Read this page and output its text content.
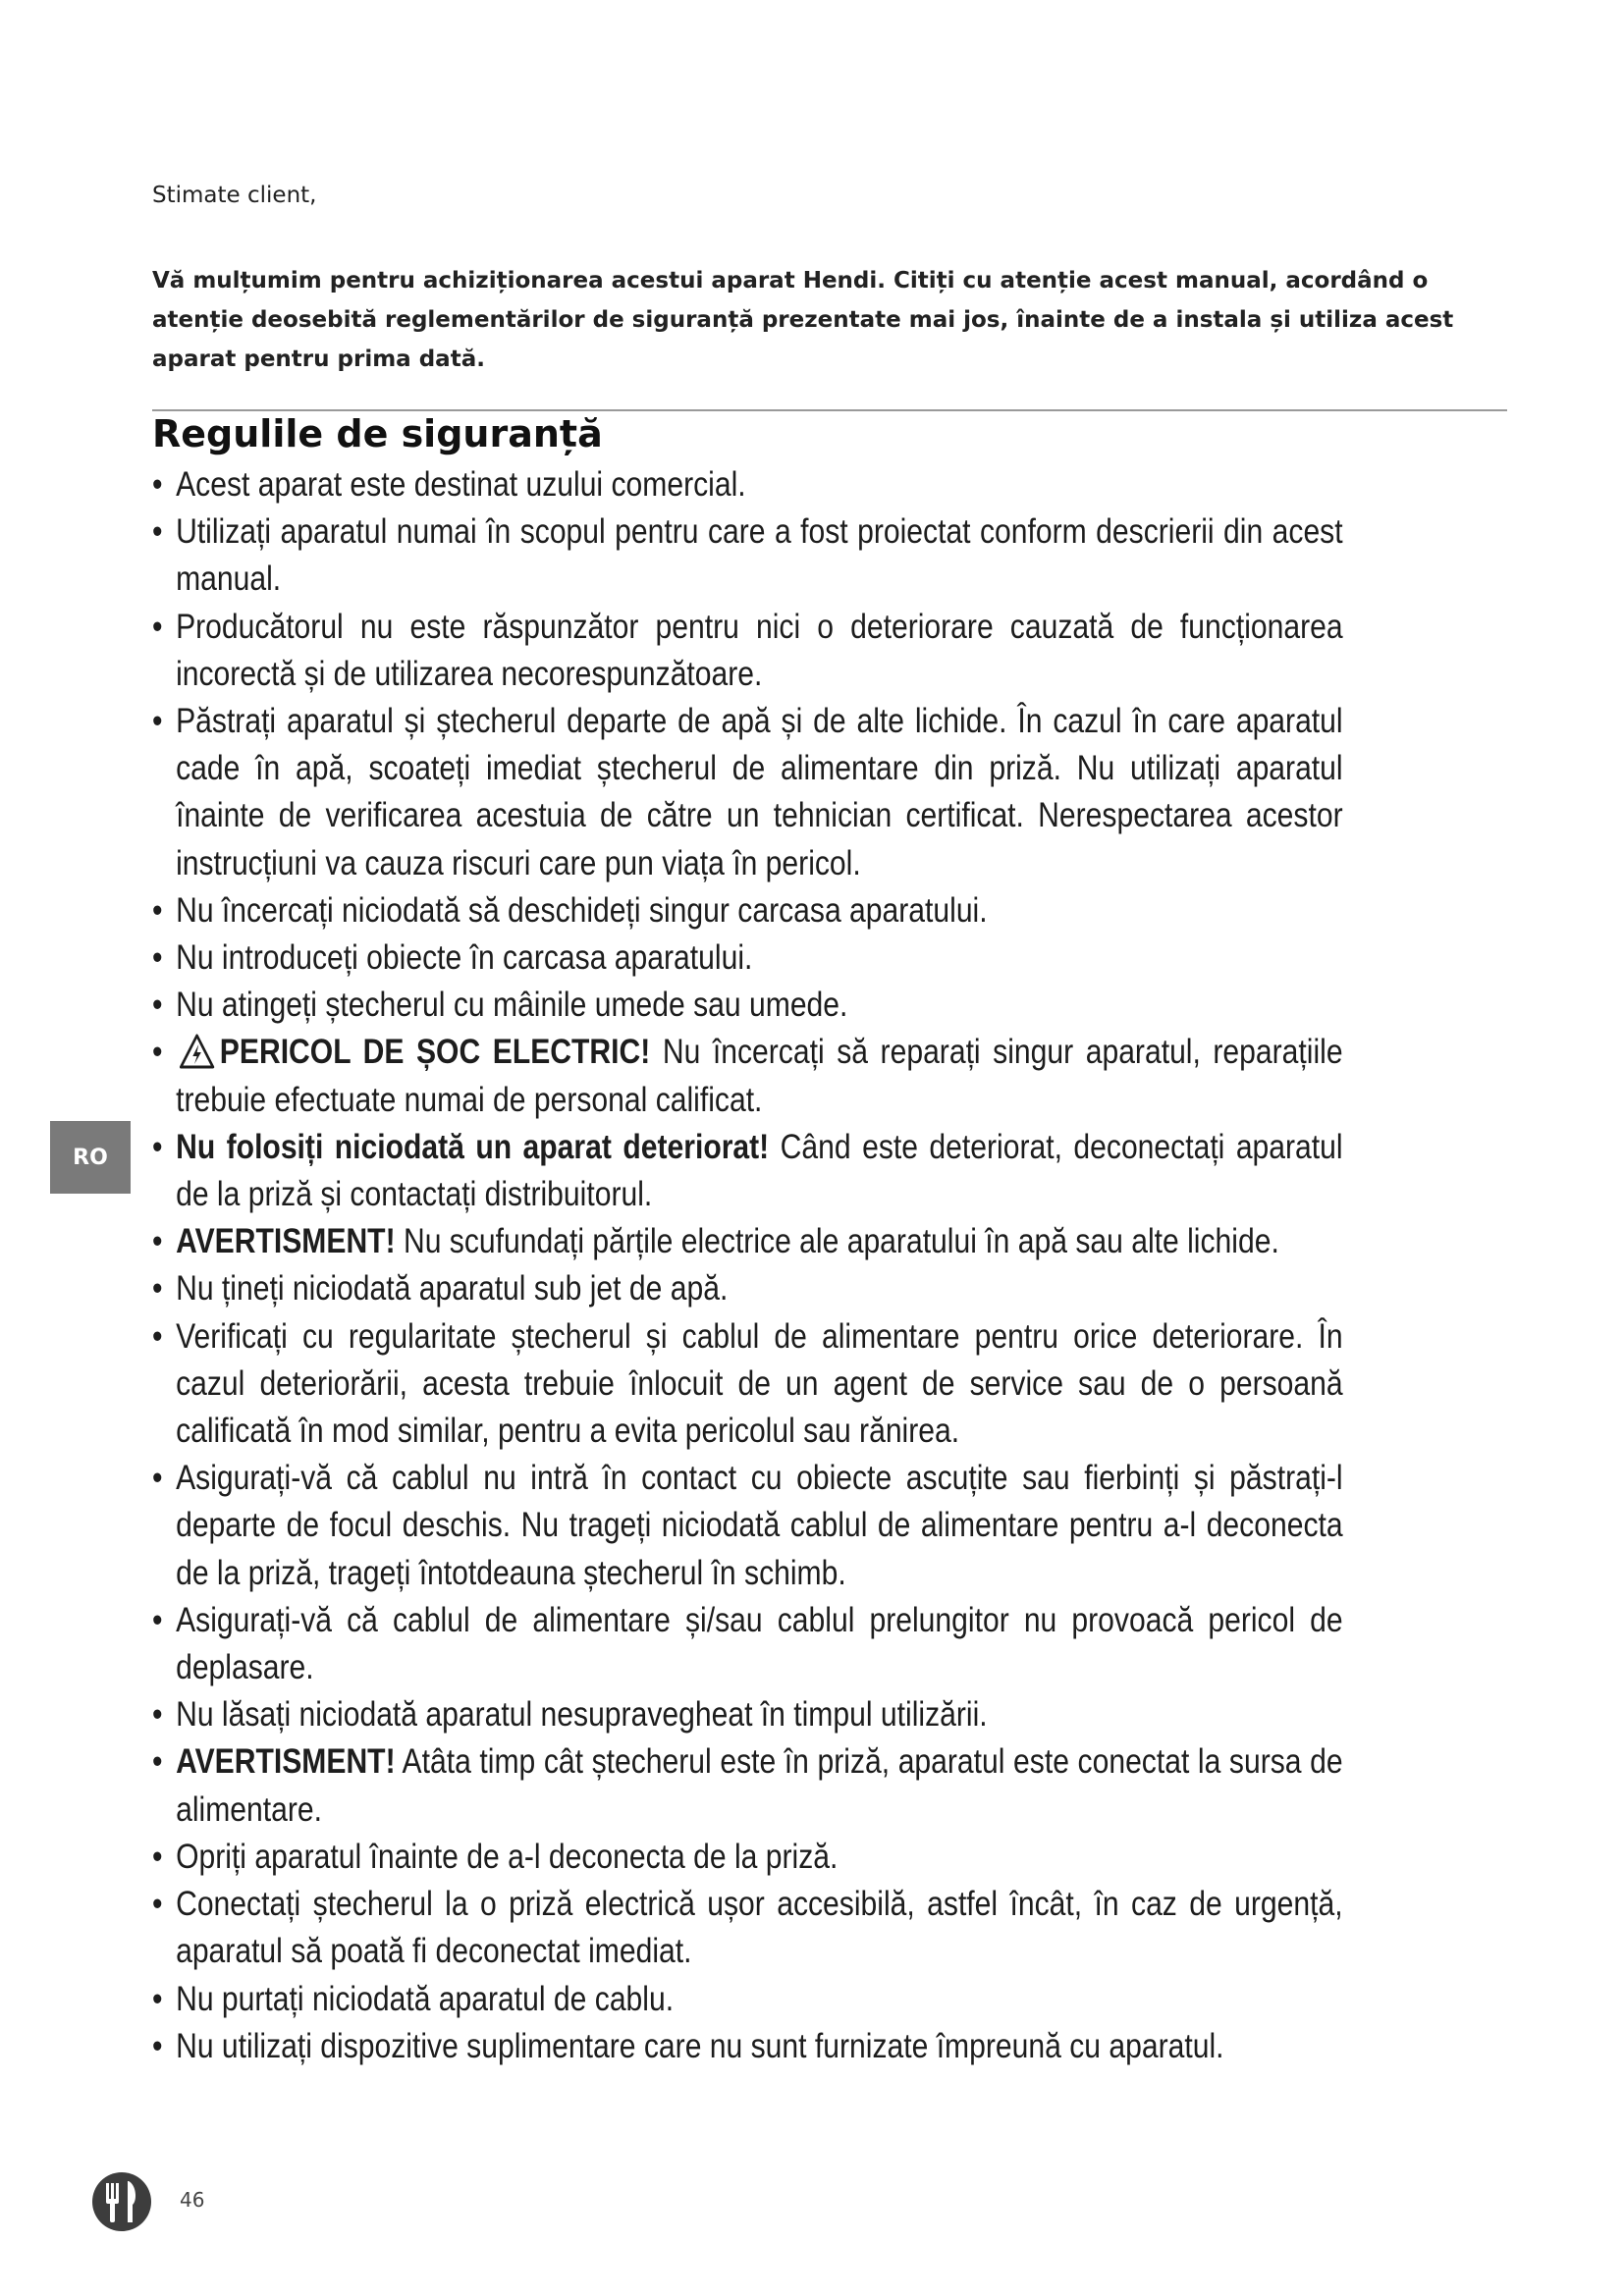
Stimate client,
Vă mulțumim pentru achiziționarea acestui aparat Hendi. Citiți cu atenție acest manual, acordând o atenție deosebită reglementărilor de siguranță prezentate mai jos, înainte de a instala și utiliza acest aparat pentru prima dată.
Regulile de siguranță
• Acest aparat este destinat uzului comercial.
• Utilizați aparatul numai în scopul pentru care a fost proiectat conform descrierii din acest manual.
• Producătorul nu este răspunzător pentru nici o deteriorare cauzată de funcționarea incorectă și de utilizarea necorespunzătoare.
• Păstrați aparatul și ștecherul departe de apă și de alte lichide. În cazul în care aparatul cade în apă, scoateți imediat ștecherul de alimentare din priză. Nu utilizați aparatul înainte de verificarea acestuia de către un tehnician certificat. Nerespectarea acestor instrucțiuni va cauza riscuri care pun viața în pericol.
• Nu încercați niciodată să deschideți singur carcasa aparatului.
• Nu introduceți obiecte în carcasa aparatului.
• Nu atingeți ștecherul cu mâinile umede sau umede.
• PERICOL DE ȘOC ELECTRIC! Nu încercați să reparați singur aparatul, reparațiile trebuie efectuate numai de personal calificat.
• Nu folosiți niciodată un aparat deteriorat! Când este deteriorat, deconectați aparatul de la priză și contactați distribuitorul.
• AVERTISMENT! Nu scufundați părțile electrice ale aparatului în apă sau alte lichide.
• Nu țineți niciodată aparatul sub jet de apă.
• Verificați cu regularitate ștecherul și cablul de alimentare pentru orice deteriorare. În cazul deteriorării, acesta trebuie înlocuit de un agent de service sau de o persoană calificată în mod similar, pentru a evita pericolul sau rănirea.
• Asigurați-vă că cablul nu intră în contact cu obiecte ascuțite sau fierbinți și păstrați-l departe de focul deschis. Nu trageți niciodată cablul de alimentare pentru a-l deconecta de la priză, trageți întotdeauna ștecherul în schimb.
• Asigurați-vă că cablul de alimentare și/sau cablul prelungitor nu provoacă pericol de deplasare.
• Nu lăsați niciodată aparatul nesupravegheat în timpul utilizării.
• AVERTISMENT! Atâta timp cât ștecherul este în priză, aparatul este conectat la sursa de alimentare.
• Opriți aparatul înainte de a-l deconecta de la priză.
• Conectați ștecherul la o priză electrică ușor accesibilă, astfel încât, în caz de urgență, aparatul să poată fi deconectat imediat.
• Nu purtați niciodată aparatul de cablu.
• Nu utilizați dispozitive suplimentare care nu sunt furnizate împreună cu aparatul.
RO
46
